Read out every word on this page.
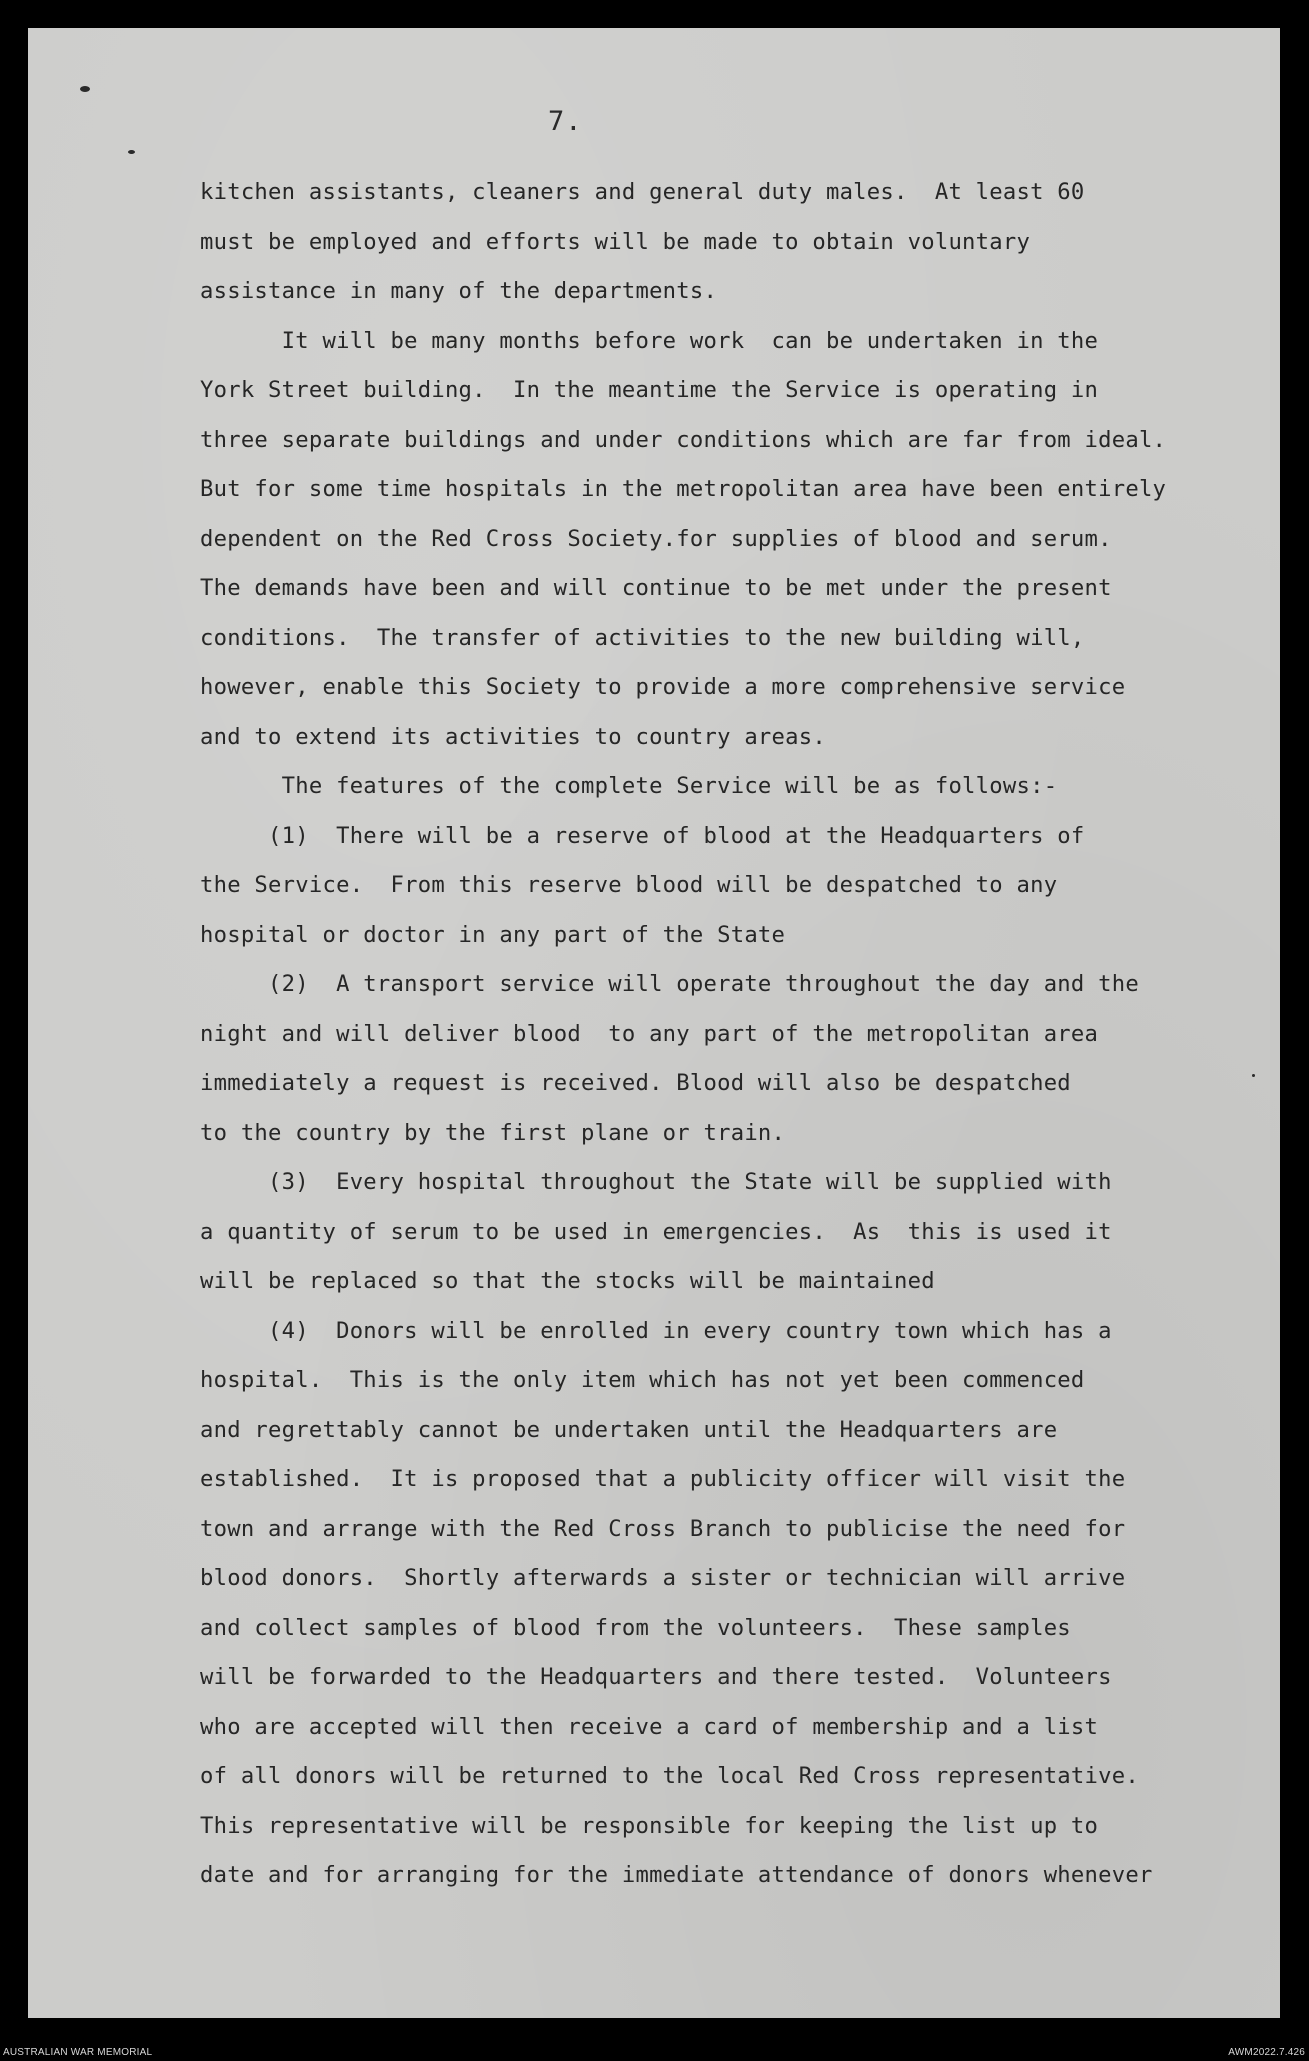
7.
kitchen assistants, cleaners and general duty males.  At least 60
must be employed and efforts will be made to obtain voluntary
assistance in many of the departments.
It will be many months before work  can be undertaken in the
York Street building.  In the meantime the Service is operating in
three separate buildings and under conditions which are far from ideal.
But for some time hospitals in the metropolitan area have been entirely
dependent on the Red Cross Society.for supplies of blood and serum.
The demands have been and will continue to be met under the present
conditions.  The transfer of activities to the new building will,
however, enable this Society to provide a more comprehensive service
and to extend its activities to country areas.
The features of the complete Service will be as follows:-
(1)  There will be a reserve of blood at the Headquarters of
the Service.  From this reserve blood will be despatched to any
hospital or doctor in any part of the State
(2)  A transport service will operate throughout the day and the
night and will deliver blood  to any part of the metropolitan area
immediately a request is received. Blood will also be despatched
to the country by the first plane or train.
(3)  Every hospital throughout the State will be supplied with
a quantity of serum to be used in emergencies.  As  this is used it
will be replaced so that the stocks will be maintained
(4)  Donors will be enrolled in every country town which has a
hospital.  This is the only item which has not yet been commenced
and regrettably cannot be undertaken until the Headquarters are
established.  It is proposed that a publicity officer will visit the
town and arrange with the Red Cross Branch to publicise the need for
blood donors.  Shortly afterwards a sister or technician will arrive
and collect samples of blood from the volunteers.  These samples
will be forwarded to the Headquarters and there tested.  Volunteers
who are accepted will then receive a card of membership and a list
of all donors will be returned to the local Red Cross representative.
This representative will be responsible for keeping the list up to
date and for arranging for the immediate attendance of donors whenever
AUSTRALIAN WAR MEMORIAL	AWM2022.7.426
